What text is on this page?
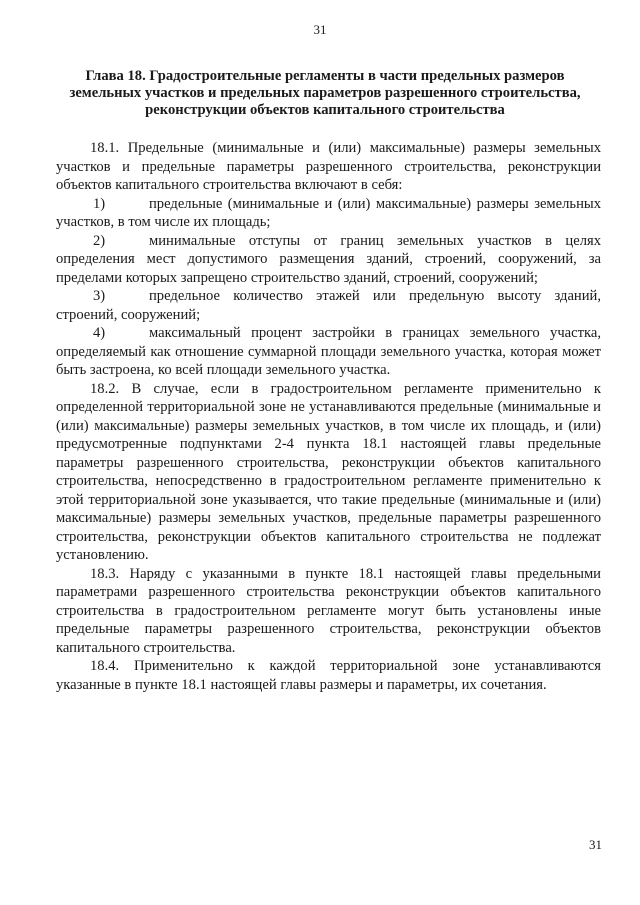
31
Глава 18. Градостроительные регламенты в части предельных размеров земельных участков и предельных параметров разрешенного строительства, реконструкции объектов капитального строительства

18.1. Предельные (минимальные и (или) максимальные) размеры земельных участков и предельные параметры разрешенного строительства, реконструкции объектов капитального строительства включают в себя:

1)	предельные (минимальные и (или) максимальные) размеры земельных участков, в том числе их площадь;

2)	минимальные отступы от границ земельных участков в целях определения мест допустимого размещения зданий, строений, сооружений, за пределами которых запрещено строительство зданий, строений, сооружений;

3)	предельное количество этажей или предельную высоту зданий, строений, сооружений;

4)	максимальный процент застройки в границах земельного участка, определяемый как отношение суммарной площади земельного участка, которая может быть застроена, ко всей площади земельного участка.

18.2. В случае, если в градостроительном регламенте применительно к определенной территориальной зоне не устанавливаются предельные (минимальные и (или) максимальные) размеры земельных участков, в том числе их площадь, и (или) предусмотренные подпунктами 2-4 пункта 18.1 настоящей главы предельные параметры разрешенного строительства, реконструкции объектов капитального строительства, непосредственно в градостроительном регламенте применительно к этой территориальной зоне указывается, что такие предельные (минимальные и (или) максимальные) размеры земельных участков, предельные параметры разрешенного строительства, реконструкции объектов капитального строительства не подлежат установлению.

18.3. Наряду с указанными в пункте 18.1 настоящей главы предельными параметрами разрешенного строительства реконструкции объектов капитального строительства в градостроительном регламенте могут быть установлены иные предельные параметры разрешенного строительства, реконструкции объектов капитального строительства.

18.4. Применительно к каждой территориальной зоне устанавливаются указанные в пункте 18.1 настоящей главы размеры и параметры, их сочетания.

31
